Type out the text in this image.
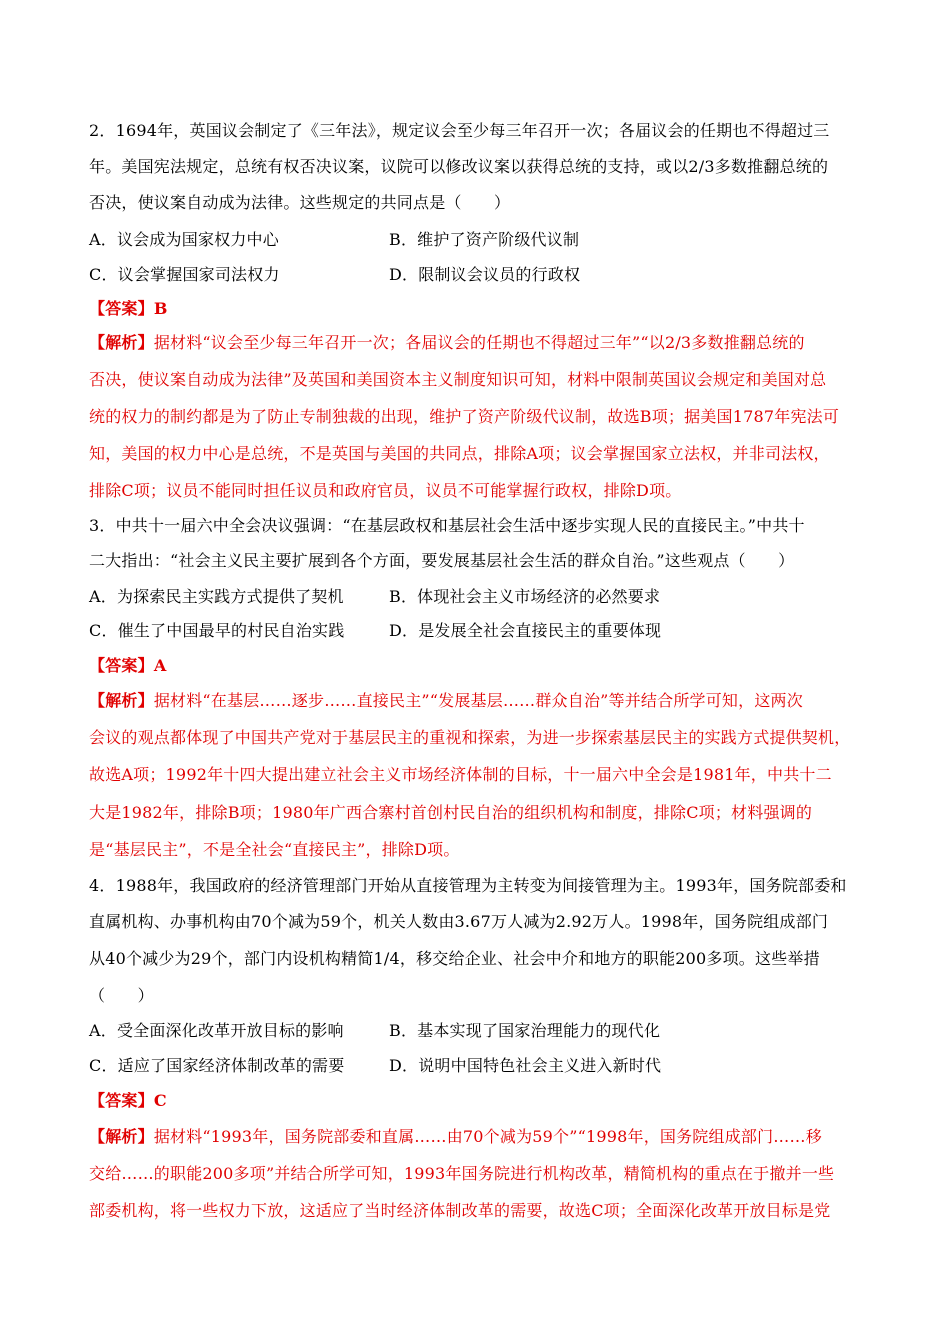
2．1694年，英国议会制定了《三年法》，规定议会至少每三年召开一次；各届议会的任期也不得超过三
年。美国宪法规定，总统有权否决议案，议院可以修改议案以获得总统的支持，或以2/3多数推翻总统的
否决，使议案自动成为法律。这些规定的共同点是（　　）
A．议会成为国家权力中心	B．维护了资产阶级代议制
C．议会掌握国家司法权力	D．限制议会议员的行政权
【答案】B
【解析】据材料“议会至少每三年召开一次；各届议会的任期也不得超过三年”“以2/3多数推翻总统的
否决，使议案自动成为法律”及英国和美国资本主义制度知识可知，材料中限制英国议会规定和美国对总
统的权力的制约都是为了防止专制独裁的出现，维护了资产阶级代议制，故选B项；据美国1787年宪法可
知，美国的权力中心是总统，不是英国与美国的共同点，排除A项；议会掌握国家立法权，并非司法权，
排除C项；议员不能同时担任议员和政府官员，议员不可能掌握行政权，排除D项。
3．中共十一届六中全会决议强调：“在基层政权和基层社会生活中逐步实现人民的直接民主。”中共十
二大指出：“社会主义民主要扩展到各个方面，要发展基层社会生活的群众自治。”这些观点（　　）
A．为探索民主实践方式提供了契机	B．体现社会主义市场经济的必然要求
C．催生了中国最早的村民自治实践	D．是发展全社会直接民主的重要体现
【答案】A
【解析】据材料“在基层……逐步……直接民主”“发展基层……群众自治”等并结合所学可知，这两次
会议的观点都体现了中国共产党对于基层民主的重视和探索，为进一步探索基层民主的实践方式提供契机，
故选A项；1992年十四大提出建立社会主义市场经济体制的目标，十一届六中全会是1981年，中共十二
大是1982年，排除B项；1980年广西合寨村首创村民自治的组织机构和制度，排除C项；材料强调的
是“基层民主”，不是全社会“直接民主”，排除D项。
4．1988年，我国政府的经济管理部门开始从直接管理为主转变为间接管理为主。1993年，国务院部委和
直属机构、办事机构由70个减为59个，机关人数由3.67万人减为2.92万人。1998年，国务院组成部门
从40个减少为29个，部门内设机构精简1/4，移交给企业、社会中介和地方的职能200多项。这些举措
（　　）
A．受全面深化改革开放目标的影响	B．基本实现了国家治理能力的现代化
C．适应了国家经济体制改革的需要	D．说明中国特色社会主义进入新时代
【答案】C
【解析】据材料“1993年，国务院部委和直属……由70个减为59个”“1998年，国务院组成部门……移
交给……的职能200多项”并结合所学可知，1993年国务院进行机构改革，精简机构的重点在于撤并一些
部委机构，将一些权力下放，这适应了当时经济体制改革的需要，故选C项；全面深化改革开放目标是党
